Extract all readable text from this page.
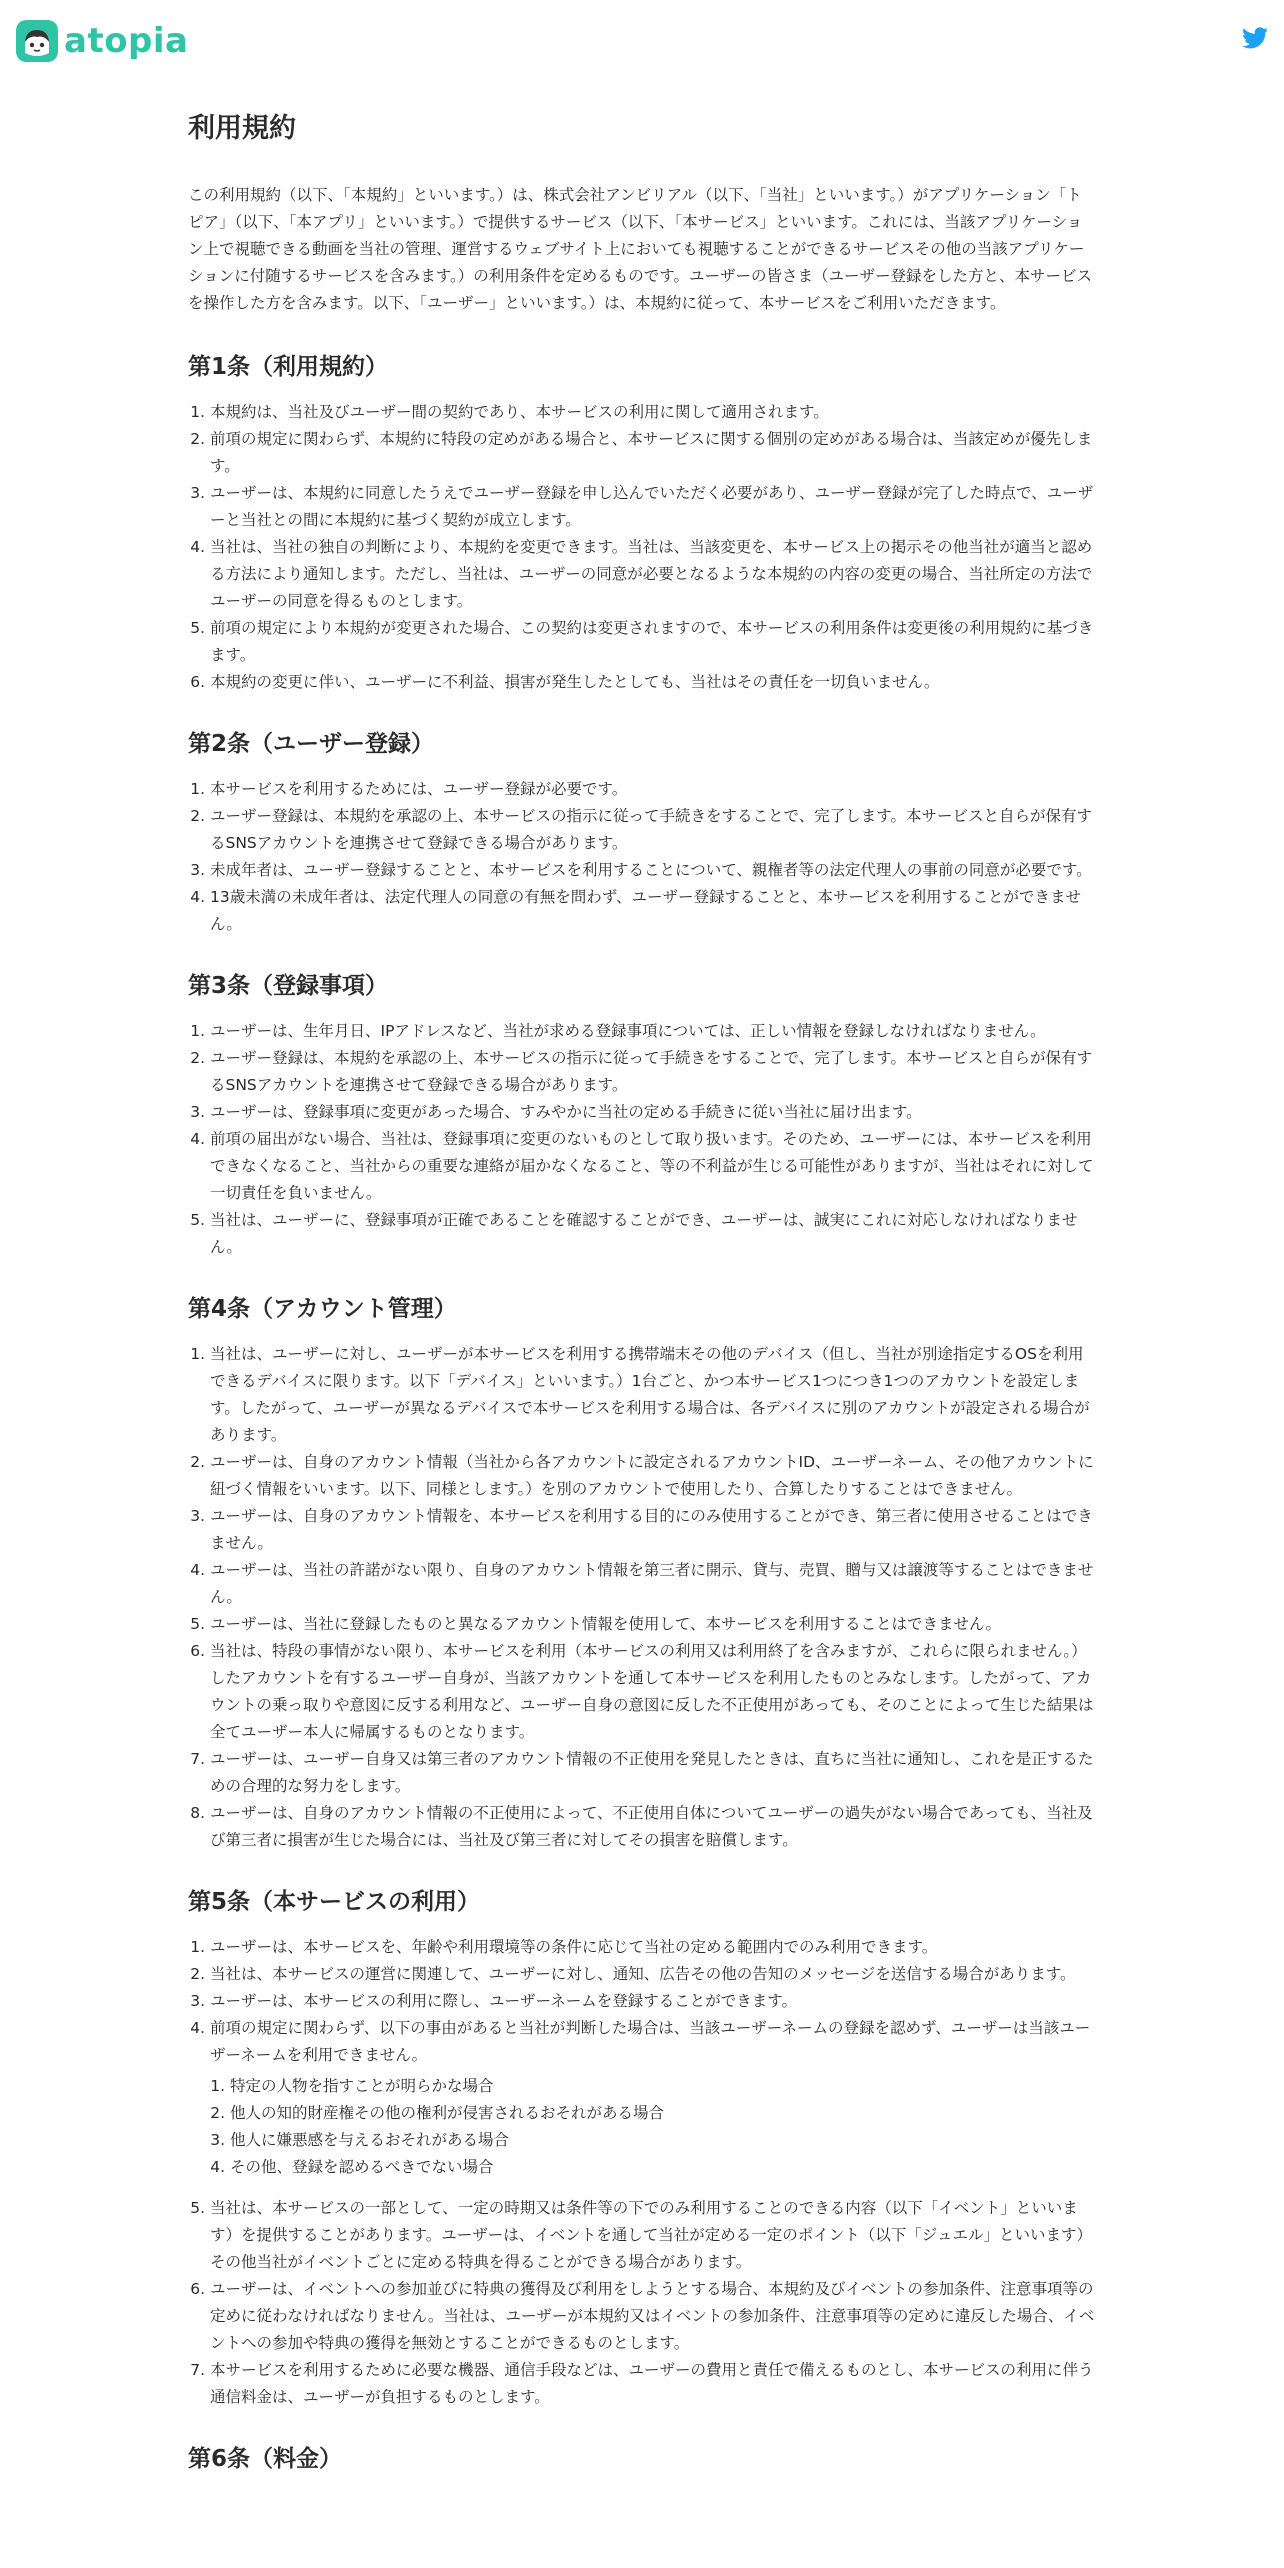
atopia
利用規約

この利用規約（以下、「本規約」といいます。）は、株式会社アンビリアル（以下、「当社」といいます。）がアプリケーション「トピア」（以下、「本アプリ」といいます。）で提供するサービス（以下、「本サービス」といいます。これには、当該アプリケーション上で視聴できる動画を当社の管理、運営するウェブサイト上においても視聴することができるサービスその他の当該アプリケーションに付随するサービスを含みます。）の利用条件を定めるものです。ユーザーの皆さま（ユーザー登録をした方と、本サービスを操作した方を含みます。以下、「ユーザー」といいます。）は、本規約に従って、本サービスをご利用いただきます。

第1条（利用規約）
1. 本規約は、当社及びユーザー間の契約であり、本サービスの利用に関して適用されます。
2. 前項の規定に関わらず、本規約に特段の定めがある場合と、本サービスに関する個別の定めがある場合は、当該定めが優先します。
3. ユーザーは、本規約に同意したうえでユーザー登録を申し込んでいただく必要があり、ユーザー登録が完了した時点で、ユーザーと当社との間に本規約に基づく契約が成立します。
4. 当社は、当社の独自の判断により、本規約を変更できます。当社は、当該変更を、本サービス上の掲示その他当社が適当と認める方法により通知します。ただし、当社は、ユーザーの同意が必要となるような本規約の内容の変更の場合、当社所定の方法でユーザーの同意を得るものとします。
5. 前項の規定により本規約が変更された場合、この契約は変更されますので、本サービスの利用条件は変更後の利用規約に基づきます。
6. 本規約の変更に伴い、ユーザーに不利益、損害が発生したとしても、当社はその責任を一切負いません。
第2条（ユーザー登録）
1. 本サービスを利用するためには、ユーザー登録が必要です。
2. ユーザー登録は、本規約を承認の上、本サービスの指示に従って手続きをすることで、完了します。本サービスと自らが保有するSNSアカウントを連携させて登録できる場合があります。
3. 未成年者は、ユーザー登録することと、本サービスを利用することについて、親権者等の法定代理人の事前の同意が必要です。
4. 13歳未満の未成年者は、法定代理人の同意の有無を問わず、ユーザー登録することと、本サービスを利用することができません。
第3条（登録事項）
1. ユーザーは、生年月日、IPアドレスなど、当社が求める登録事項については、正しい情報を登録しなければなりません。
2. ユーザー登録は、本規約を承認の上、本サービスの指示に従って手続きをすることで、完了します。本サービスと自らが保有するSNSアカウントを連携させて登録できる場合があります。
3. ユーザーは、登録事項に変更があった場合、すみやかに当社の定める手続きに従い当社に届け出ます。
4. 前項の届出がない場合、当社は、登録事項に変更のないものとして取り扱います。そのため、ユーザーには、本サービスを利用できなくなること、当社からの重要な連絡が届かなくなること、等の不利益が生じる可能性がありますが、当社はそれに対して一切責任を負いません。
5. 当社は、ユーザーに、登録事項が正確であることを確認することができ、ユーザーは、誠実にこれに対応しなければなりません。
第4条（アカウント管理）
1. 当社は、ユーザーに対し、ユーザーが本サービスを利用する携帯端末その他のデバイス（但し、当社が別途指定するOSを利用できるデバイスに限ります。以下「デバイス」といいます。）1台ごと、かつ本サービス1つにつき1つのアカウントを設定します。したがって、ユーザーが異なるデバイスで本サービスを利用する場合は、各デバイスに別のアカウントが設定される場合があります。
2. ユーザーは、自身のアカウント情報（当社から各アカウントに設定されるアカウントID、ユーザーネーム、その他アカウントに紐づく情報をいいます。以下、同様とします。）を別のアカウントで使用したり、合算したりすることはできません。
3. ユーザーは、自身のアカウント情報を、本サービスを利用する目的にのみ使用することができ、第三者に使用させることはできません。
4. ユーザーは、当社の許諾がない限り、自身のアカウント情報を第三者に開示、貸与、売買、贈与又は譲渡等することはできません。
5. ユーザーは、当社に登録したものと異なるアカウント情報を使用して、本サービスを利用することはできません。
6. 当社は、特段の事情がない限り、本サービスを利用（本サービスの利用又は利用終了を含みますが、これらに限られません。）したアカウントを有するユーザー自身が、当該アカウントを通して本サービスを利用したものとみなします。したがって、アカウントの乗っ取りや意図に反する利用など、ユーザー自身の意図に反した不正使用があっても、そのことによって生じた結果は全てユーザー本人に帰属するものとなります。
7. ユーザーは、ユーザー自身又は第三者のアカウント情報の不正使用を発見したときは、直ちに当社に通知し、これを是正するための合理的な努力をします。
8. ユーザーは、自身のアカウント情報の不正使用によって、不正使用自体についてユーザーの過失がない場合であっても、当社及び第三者に損害が生じた場合には、当社及び第三者に対してその損害を賠償します。
第5条（本サービスの利用）
1. ユーザーは、本サービスを、年齢や利用環境等の条件に応じて当社の定める範囲内でのみ利用できます。
2. 当社は、本サービスの運営に関連して、ユーザーに対し、通知、広告その他の告知のメッセージを送信する場合があります。
3. ユーザーは、本サービスの利用に際し、ユーザーネームを登録することができます。
4. 前項の規定に関わらず、以下の事由があると当社が判断した場合は、当該ユーザーネームの登録を認めず、ユーザーは当該ユーザーネームを利用できません。
1. 特定の人物を指すことが明らかな場合
2. 他人の知的財産権その他の権利が侵害されるおそれがある場合
3. 他人に嫌悪感を与えるおそれがある場合
4. その他、登録を認めるべきでない場合
5. 当社は、本サービスの一部として、一定の時期又は条件等の下でのみ利用することのできる内容（以下「イベント」といいます）を提供することがあります。ユーザーは、イベントを通して当社が定める一定のポイント（以下「ジュエル」といいます）その他当社がイベントごとに定める特典を得ることができる場合があります。
6. ユーザーは、イベントへの参加並びに特典の獲得及び利用をしようとする場合、本規約及びイベントの参加条件、注意事項等の定めに従わなければなりません。当社は、ユーザーが本規約又はイベントの参加条件、注意事項等の定めに違反した場合、イベントへの参加や特典の獲得を無効とすることができるものとします。
7. 本サービスを利用するために必要な機器、通信手段などは、ユーザーの費用と責任で備えるものとし、本サービスの利用に伴う通信料金は、ユーザーが負担するものとします。
第6条（料金）
